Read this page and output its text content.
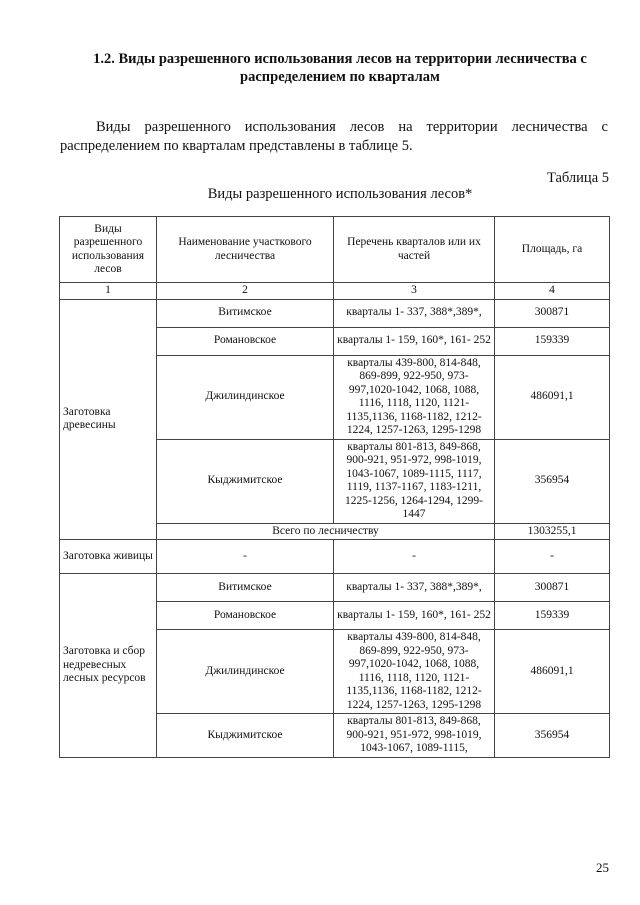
1.2. Виды разрешенного использования лесов на территории лесничества с распределением по кварталам
Виды разрешенного использования лесов на территории лесничества с распределением по кварталам представлены в таблице 5.
Таблица 5
Виды разрешенного использования лесов*
Виды разрешенного использования лесов	Наименование участкового лесничества	Перечень кварталов или их частей	Площадь, га
1	2	3	4
Заготовка древесины	Витимское	кварталы 1- 337, 388*,389*,	300871
	Романовское	кварталы 1- 159, 160*, 161- 252	159339
	Джилиндинское	кварталы 439-800, 814-848, 869-899, 922-950, 973-997,1020-1042, 1068, 1088, 1116, 1118, 1120, 1121-1135,1136, 1168-1182, 1212-1224, 1257-1263, 1295-1298	486091,1
	Кыджимитское	кварталы 801-813, 849-868, 900-921, 951-972, 998-1019, 1043-1067, 1089-1115, 1117, 1119, 1137-1167, 1183-1211, 1225-1256, 1264-1294, 1299-1447	356954
	Всего по лесничеству		1303255,1
Заготовка живицы	-	-	-
Заготовка и сбор недревесных лесных ресурсов	Витимское	кварталы 1- 337, 388*,389*,	300871
	Романовское	кварталы 1- 159, 160*, 161- 252	159339
	Джилиндинское	кварталы 439-800, 814-848, 869-899, 922-950, 973-997,1020-1042, 1068, 1088, 1116, 1118, 1120, 1121-1135,1136, 1168-1182, 1212-1224, 1257-1263, 1295-1298	486091,1
	Кыджимитское	кварталы 801-813, 849-868, 900-921, 951-972, 998-1019, 1043-1067, 1089-1115,	356954
25
